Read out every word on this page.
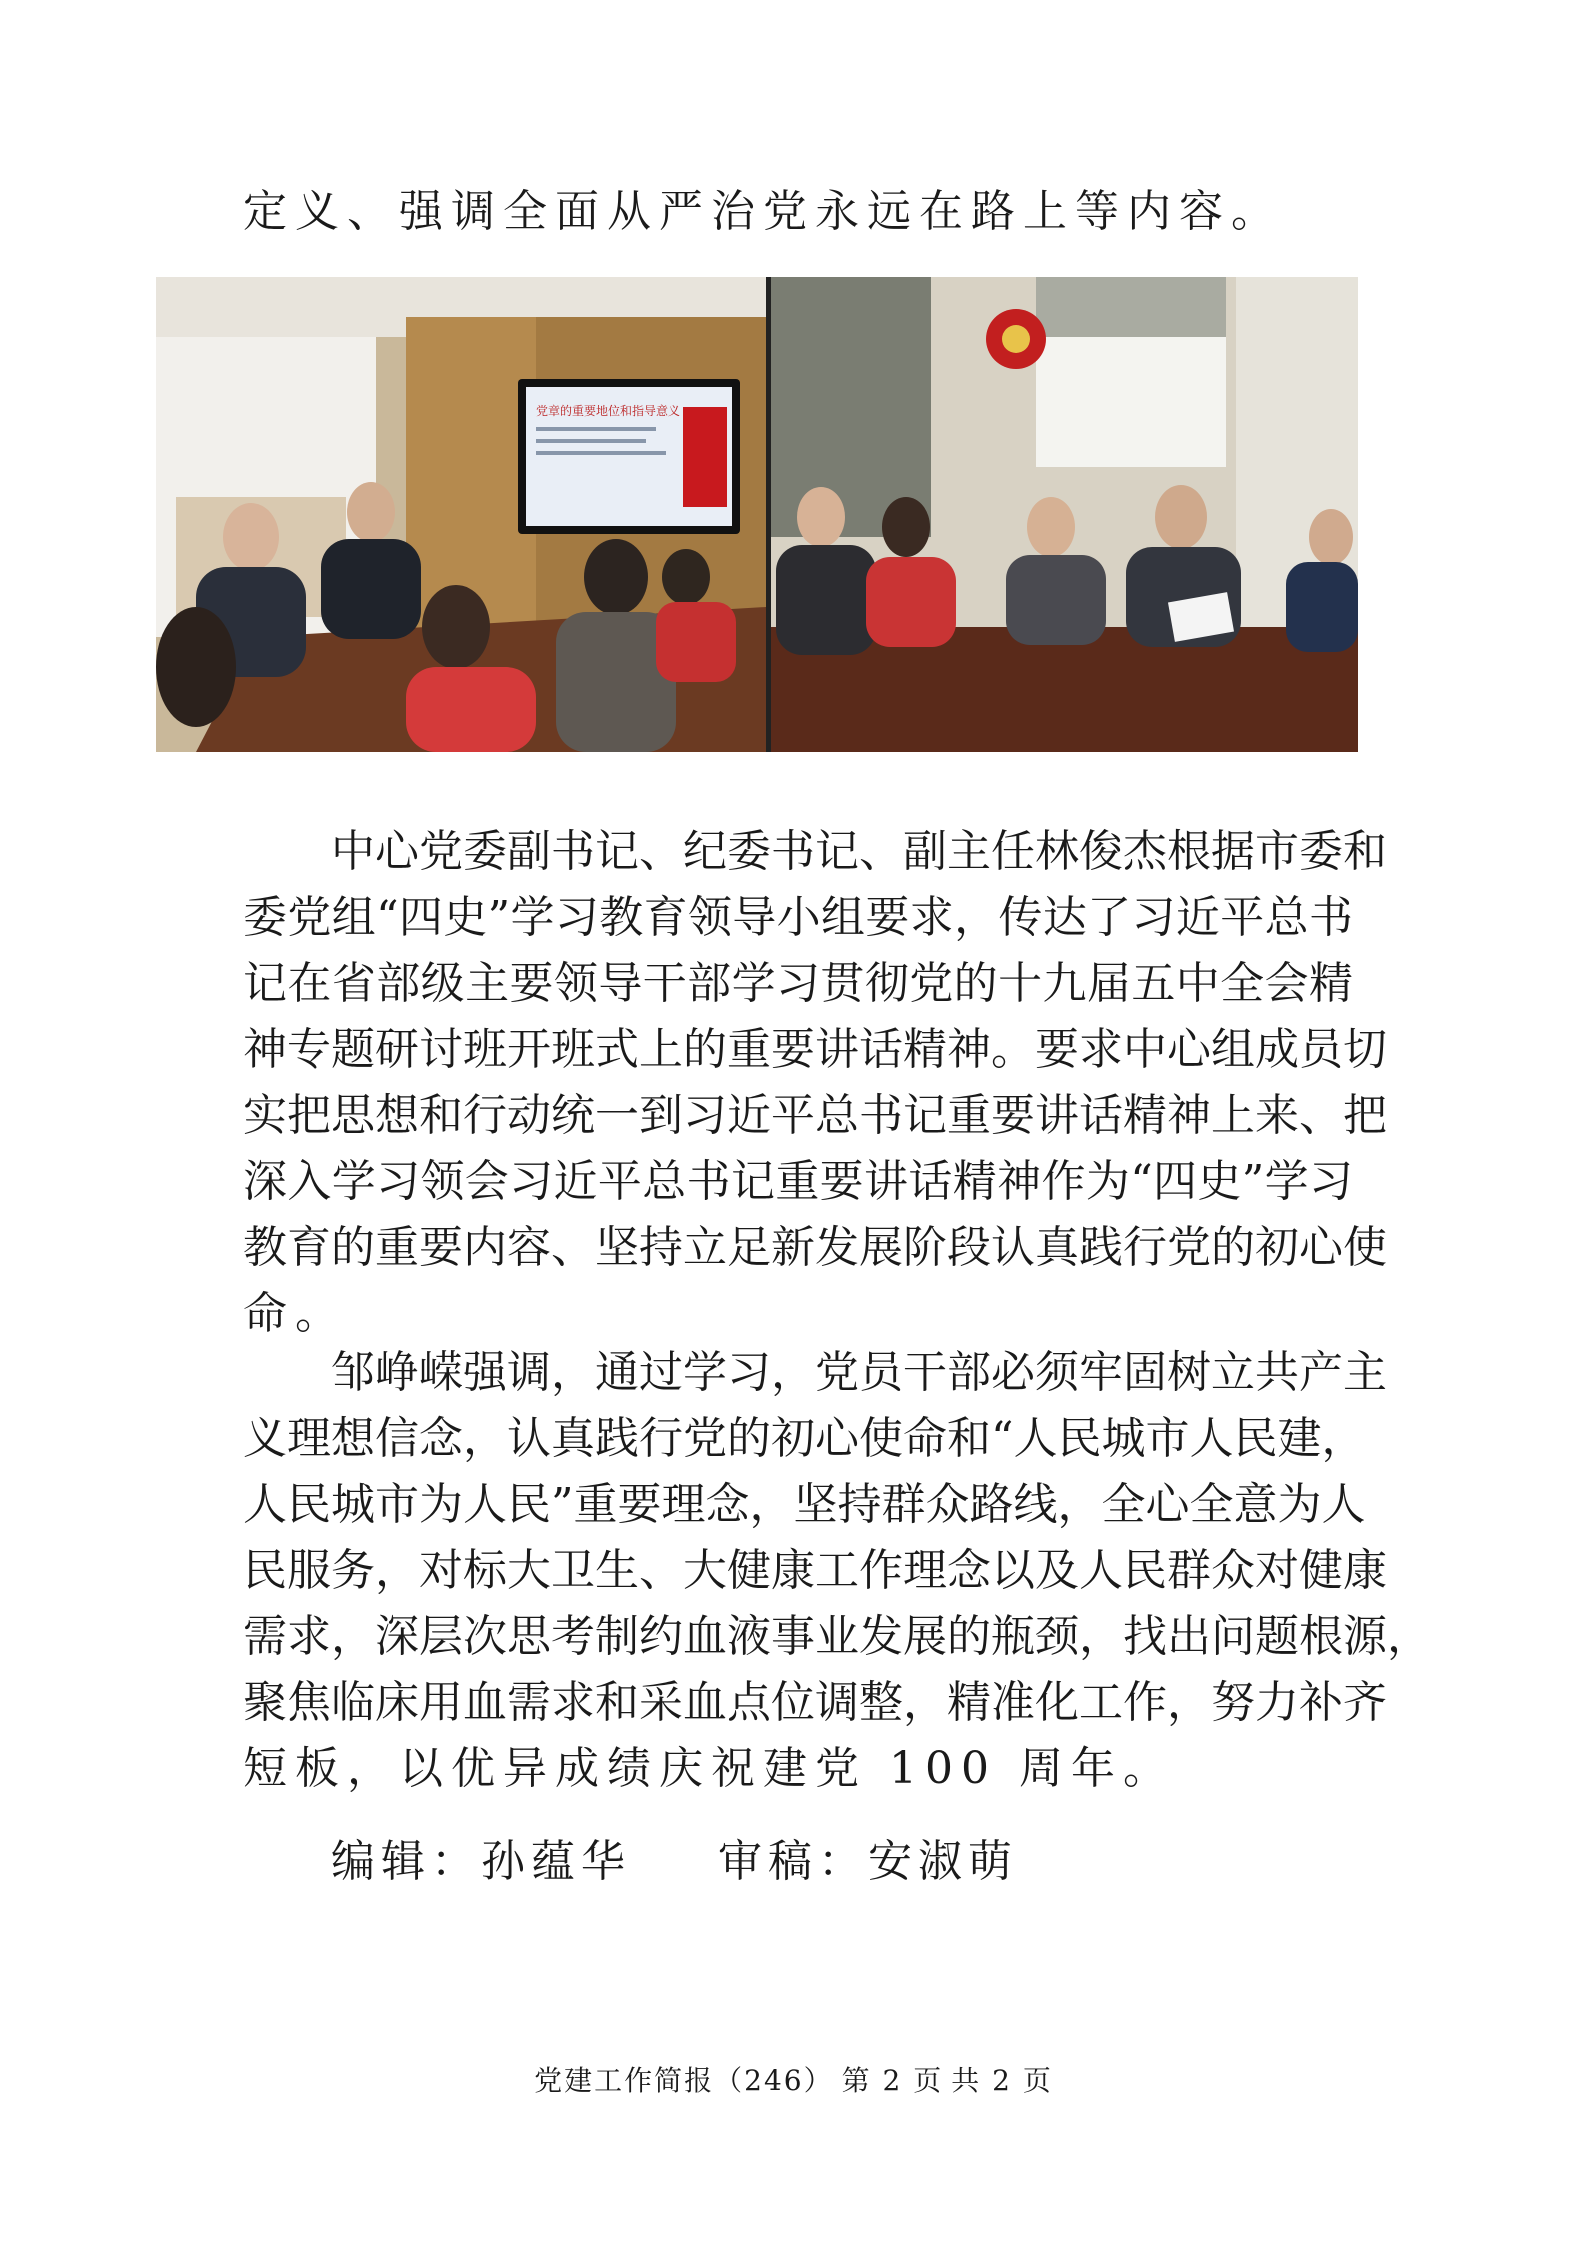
定义、强调全面从严治党永远在路上等内容。
党章的重要地位和指导意义
中心党委副书记、纪委书记、副主任林俊杰根据市委和
委党组“四史”学习教育领导小组要求，传达了习近平总书
记在省部级主要领导干部学习贯彻党的十九届五中全会精
神专题研讨班开班式上的重要讲话精神。要求中心组成员切
实把思想和行动统一到习近平总书记重要讲话精神上来、把
深入学习领会习近平总书记重要讲话精神作为“四史”学习
教育的重要内容、坚持立足新发展阶段认真践行党的初心使
命。
邹峥嵘强调，通过学习，党员干部必须牢固树立共产主
义理想信念，认真践行党的初心使命和“人民城市人民建，
人民城市为人民”重要理念，坚持群众路线，全心全意为人
民服务，对标大卫生、大健康工作理念以及人民群众对健康
需求，深层次思考制约血液事业发展的瓶颈，找出问题根源，
聚焦临床用血需求和采血点位调整，精准化工作，努力补齐
短板，以优异成绩庆祝建党 100 周年。
编辑：孙蕴华 审稿：安淑萌
党建工作简报（246） 第 2 页 共 2 页
